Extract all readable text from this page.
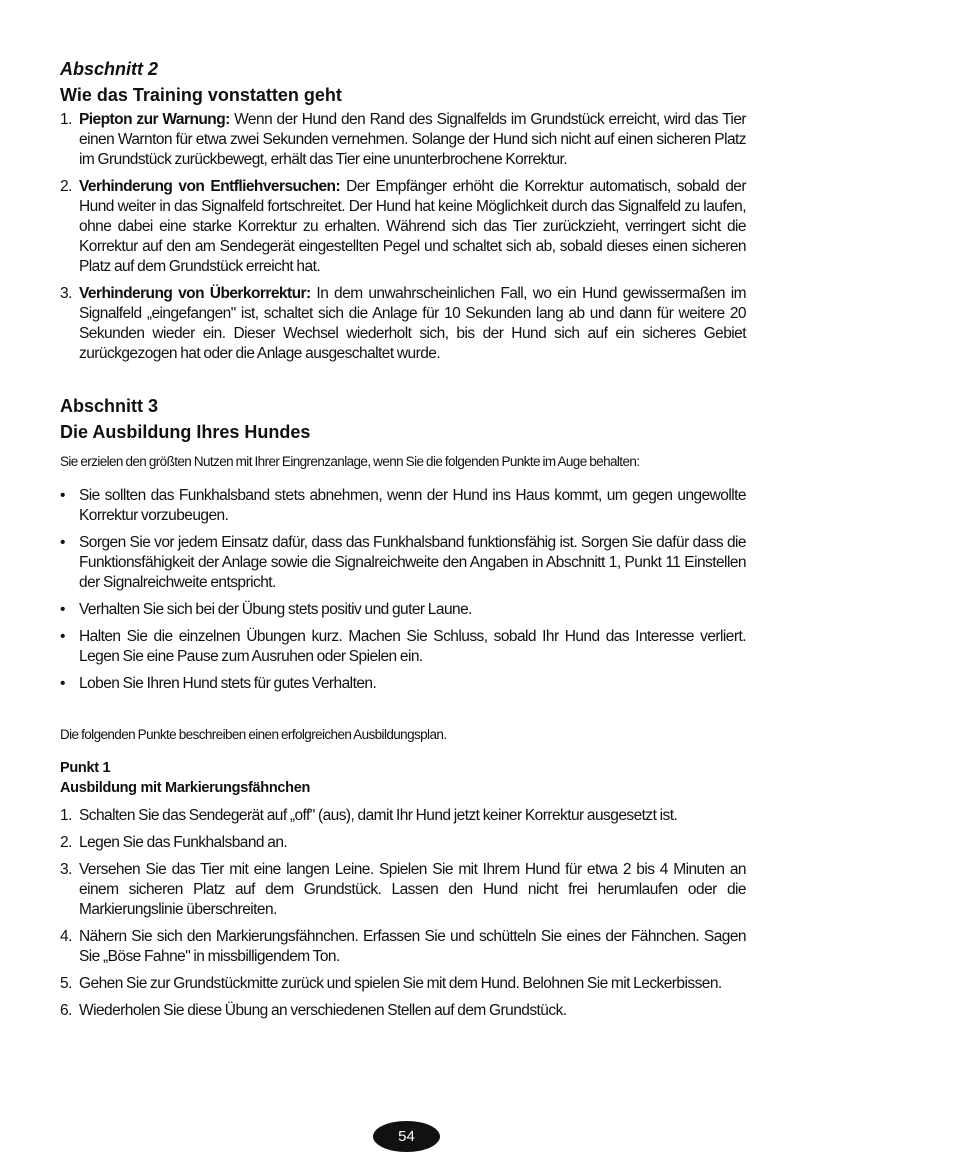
Abschnitt 2

Wie das Training vonstatten geht

1. Piepton zur Warnung: Wenn der Hund den Rand des Signalfelds im Grundstück erreicht, wird das Tier einen Warnton für etwa zwei Sekunden vernehmen. Solange der Hund sich nicht auf einen sicheren Platz im Grundstück zurückbewegt, erhält das Tier eine ununterbrochene Korrektur.
2. Verhinderung von Entfliehversuchen: Der Empfänger erhöht die Korrektur automatisch, sobald der Hund weiter in das Signalfeld fortschreitet. Der Hund hat keine Möglichkeit durch das Signalfeld zu laufen, ohne dabei eine starke Korrektur zu erhalten. Während sich das Tier zurückzieht, verringert sicht die Korrektur auf den am Sendegerät eingestellten Pegel und schaltet sich ab, sobald dieses einen sicheren Platz auf dem Grundstück erreicht hat.
3. Verhinderung von Überkorrektur: In dem unwahrscheinlichen Fall, wo ein Hund gewissermaßen im Signalfeld „eingefangen" ist, schaltet sich die Anlage für 10 Sekunden lang ab und dann für weitere 20 Sekunden wieder ein. Dieser Wechsel wiederholt sich, bis der Hund sich auf ein sicheres Gebiet zurückgezogen hat oder die Anlage ausgeschaltet wurde.

Abschnitt 3

Die Ausbildung Ihres Hundes

Sie erzielen den größten Nutzen mit Ihrer Eingrenzanlage, wenn Sie die folgenden Punkte im Auge behalten:

• Sie sollten das Funkhalsband stets abnehmen, wenn der Hund ins Haus kommt, um gegen ungewollte Korrektur vorzubeugen.
• Sorgen Sie vor jedem Einsatz dafür, dass das Funkhalsband funktionsfähig ist. Sorgen Sie dafür dass die Funktionsfähigkeit der Anlage sowie die Signalreichweite den Angaben in Abschnitt 1, Punkt 11 Einstellen der Signalreichweite entspricht.
• Verhalten Sie sich bei der Übung stets positiv und guter Laune.
• Halten Sie die einzelnen Übungen kurz. Machen Sie Schluss, sobald Ihr Hund das Interesse verliert. Legen Sie eine Pause zum Ausruhen oder Spielen ein.
• Loben Sie Ihren Hund stets für gutes Verhalten.

Die folgenden Punkte beschreiben einen erfolgreichen Ausbildungsplan.

Punkt 1

Ausbildung mit Markierungsfähnchen

1. Schalten Sie das Sendegerät auf „off" (aus), damit Ihr Hund jetzt keiner Korrektur ausgesetzt ist.
2. Legen Sie das Funkhalsband an.
3. Versehen Sie das Tier mit eine langen Leine. Spielen Sie mit Ihrem Hund für etwa 2 bis 4 Minuten an einem sicheren Platz auf dem Grundstück. Lassen den Hund nicht frei herumlaufen oder die Markierungslinie überschreiten.
4. Nähern Sie sich den Markierungsfähnchen. Erfassen Sie und schütteln Sie eines der Fähnchen. Sagen Sie „Böse Fahne" in missbilligendem Ton.
5. Gehen Sie zur Grundstückmitte zurück und spielen Sie mit dem Hund. Belohnen Sie mit Leckerbissen.
6. Wiederholen Sie diese Übung an verschiedenen Stellen auf dem Grundstück.
54
